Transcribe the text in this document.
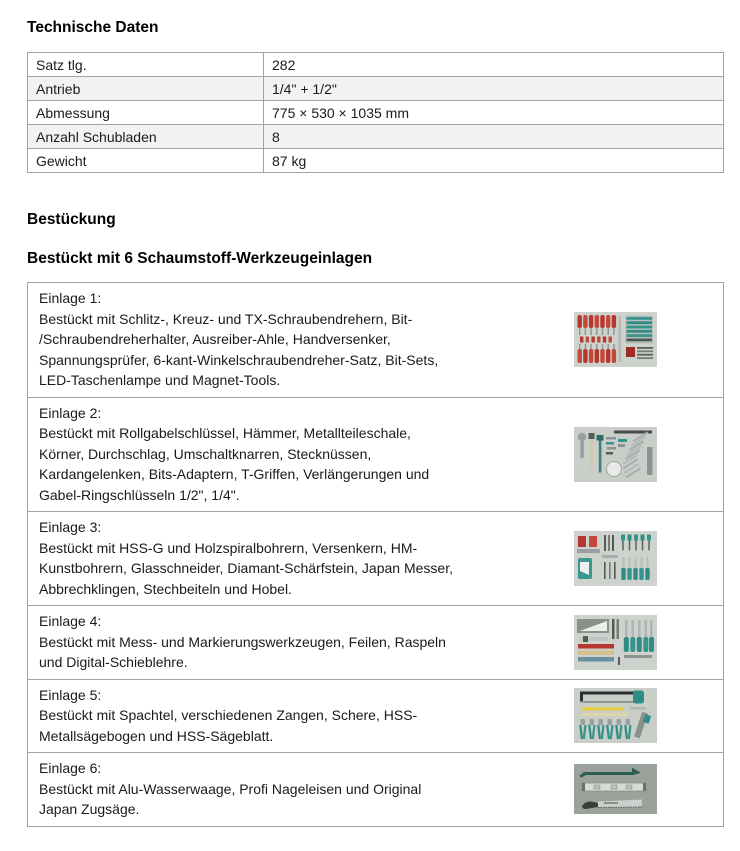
Technische Daten
Satz tlg.	282
Antrieb	1/4" + 1/2"
Abmessung	775 × 530 × 1035 mm
Anzahl Schubladen	8
Gewicht	87 kg
Bestückung
Bestückt mit 6 Schaumstoff-Werkzeugeinlagen
Einlage 1:
Bestückt mit Schlitz-, Kreuz- und TX-Schraubendrehern, Bit-
/Schraubendreherhalter, Ausreiber-Ahle, Handversenker,
Spannungsprüfer, 6-kant-Winkelschraubendreher-Satz, Bit-Sets,
LED-Taschenlampe und Magnet-Tools.
Einlage 2:
Bestückt mit Rollgabelschlüssel, Hämmer, Metallteileschale,
Körner, Durchschlag, Umschaltknarren, Stecknüssen,
Kardangelenken, Bits-Adaptern, T-Griffen, Verlängerungen und
Gabel-Ringschlüsseln 1/2", 1/4".
Einlage 3:
Bestückt mit HSS-G und Holzspiralbohrern, Versenkern, HM-
Kunstbohrern, Glasschneider, Diamant-Schärfstein, Japan Messer,
Abbrechklingen, Stechbeiteln und Hobel.
Einlage 4:
Bestückt mit Mess- und Markierungswerkzeugen, Feilen, Raspeln
und Digital-Schieblehre.
Einlage 5:
Bestückt mit Spachtel, verschiedenen Zangen, Schere, HSS-
Metallsägebogen und HSS-Sägeblatt.
Einlage 6:
Bestückt mit Alu-Wasserwaage, Profi Nageleisen und Original
Japan Zugsäge.
